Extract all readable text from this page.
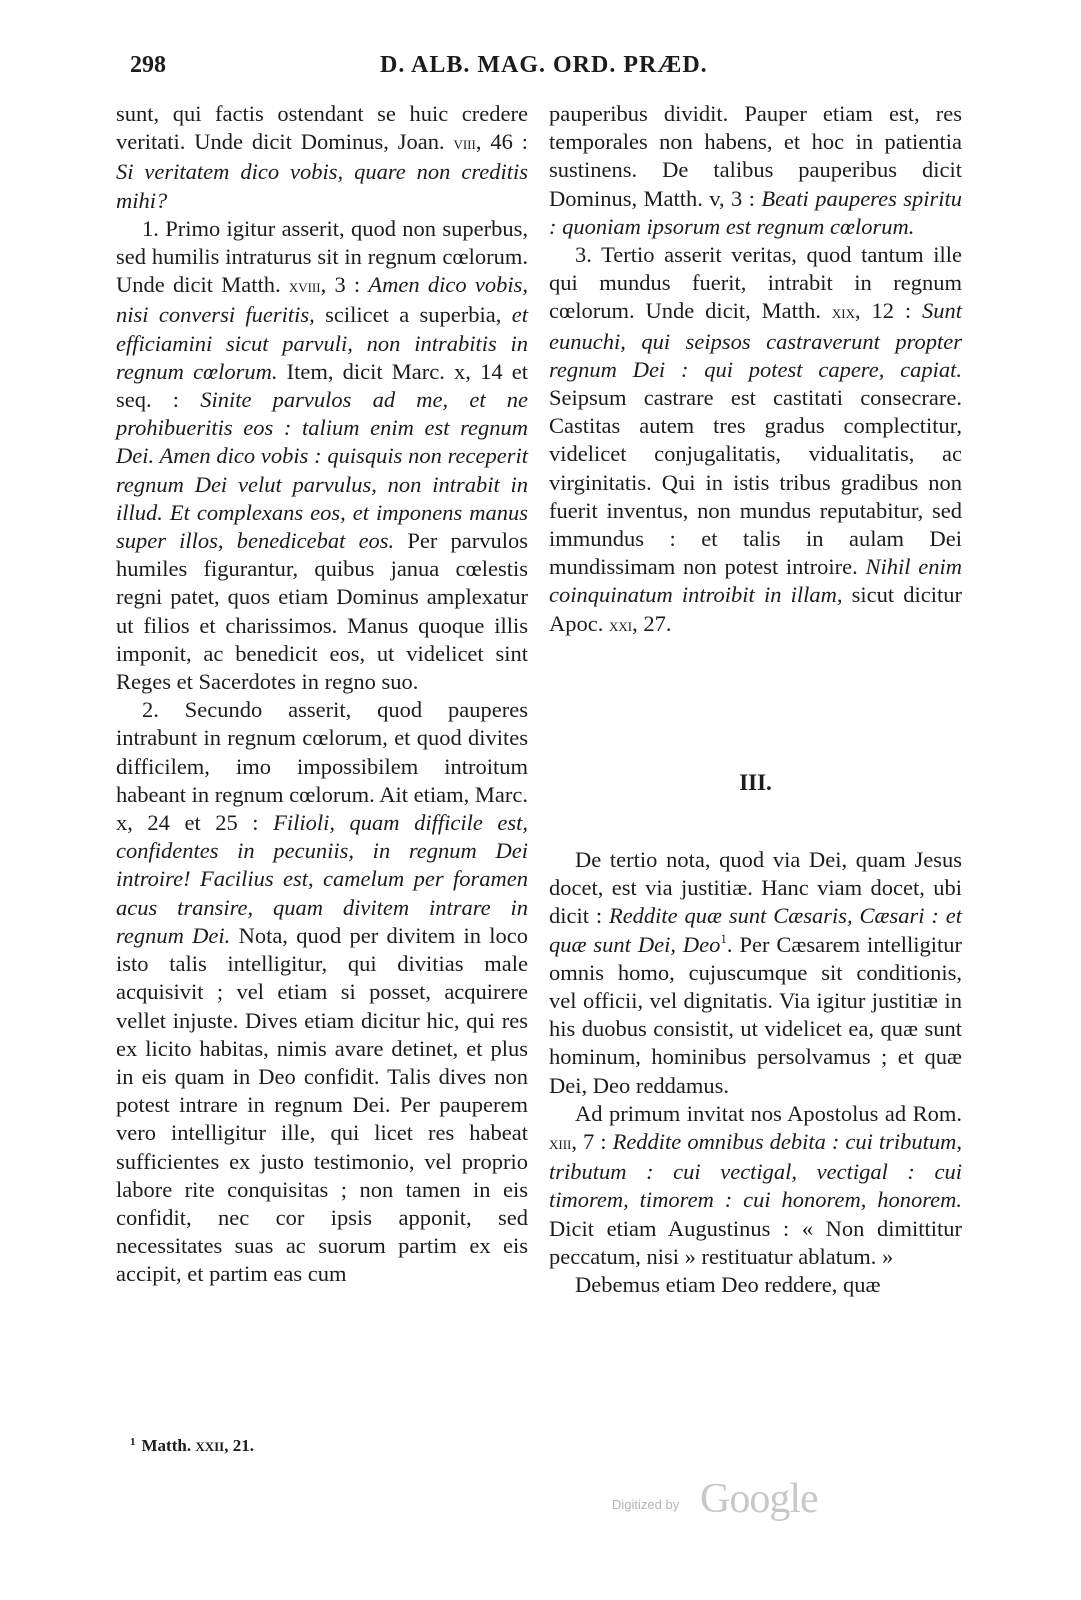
298	D. ALB. MAG. ORD. PRÆD.

sunt, qui factis ostendant se huic credere veritati. Unde dicit Dominus, Joan. viii, 46 : Si veritatem dico vobis, quare non creditis mihi?

1. Primo igitur asserit, quod non superbus, sed humilis intraturus sit in regnum cœlorum. Unde dicit Matth. xviii, 3 : Amen dico vobis, nisi conversi fueritis, scilicet a superbia, et efficiamini sicut parvuli, non intrabitis in regnum cœlorum. Item, dicit Marc. x, 14 et seq. : Sinite parvulos ad me, et ne prohibueritis eos : talium enim est regnum Dei. Amen dico vobis : quisquis non receperit regnum Dei velut parvulus, non intrabit in illud. Et complexans eos, et imponens manus super illos, benedicebat eos. Per parvulos humiles figurantur, quibus janua cœlestis regni patet, quos etiam Dominus amplexatur ut filios et charissimos. Manus quoque illis imponit, ac benedicit eos, ut videlicet sint Reges et Sacerdotes in regno suo.

2. Secundo asserit, quod pauperes intrabunt in regnum cœlorum, et quod divites difficilem, imo impossibilem introitum habeant in regnum cœlorum. Ait etiam, Marc. x, 24 et 25 : Filioli, quam difficile est, confidentes in pecuniis, in regnum Dei introire! Facilius est, camelum per foramen acus transire, quam divitem intrare in regnum Dei. Nota, quod per divitem in loco isto talis intelligitur, qui divitias male acquisivit ; vel etiam si posset, acquirere vellet injuste. Dives etiam dicitur hic, qui res ex licito habitas, nimis avare detinet, et plus in eis quam in Deo confidit. Talis dives non potest intrare in regnum Dei. Per pauperem vero intelligitur ille, qui licet res habeat sufficientes ex justo testimonio, vel proprio labore rite conquisitas ; non tamen in eis confidit, nec cor ipsis apponit, sed necessitates suas ac suorum partim ex eis accipit, et partim eas cum

pauperibus dividit. Pauper etiam est, res temporales non habens, et hoc in patientia sustinens. De talibus pauperibus dicit Dominus, Matth. v, 3 : Beati pauperes spiritu : quoniam ipsorum est regnum cœlorum.

3. Tertio asserit veritas, quod tantum ille qui mundus fuerit, intrabit in regnum cœlorum. Unde dicit, Matth. xix, 12 : Sunt eunuchi, qui seipsos castraverunt propter regnum Dei : qui potest capere, capiat. Seipsum castrare est castitati consecrare. Castitas autem tres gradus complectitur, videlicet conjugalitatis, vidualitatis, ac virginitatis. Qui in istis tribus gradibus non fuerit inventus, non mundus reputabitur, sed immundus : et talis in aulam Dei mundissimam non potest introire. Nihil enim coinquinatum introibit in illam, sicut dicitur Apoc. xxi, 27.

III.

De tertio nota, quod via Dei, quam Jesus docet, est via justitiæ. Hanc viam docet, ubi dicit : Reddite quæ sunt Cæsaris, Cæsari : et quæ sunt Dei, Deo$^1$. Per Cæsarem intelligitur omnis homo, cujuscumque sit conditionis, vel officii, vel dignitatis. Via igitur justitiæ in his duobus consistit, ut videlicet ea, quæ sunt hominum, hominibus persolvamus ; et quæ Dei, Deo reddamus.

Ad primum invitat nos Apostolus ad Rom. xiii, 7 : Reddite omnibus debita : cui tributum, tributum : cui vectigal, vectigal : cui timorem, timorem : cui honorem, honorem. Dicit etiam Augustinus : « Non dimittitur peccatum, nisi » restituatur ablatum. »

Debemus etiam Deo reddere, quæ

$^1$ Matth. xxii, 21.
Digitized by Google
